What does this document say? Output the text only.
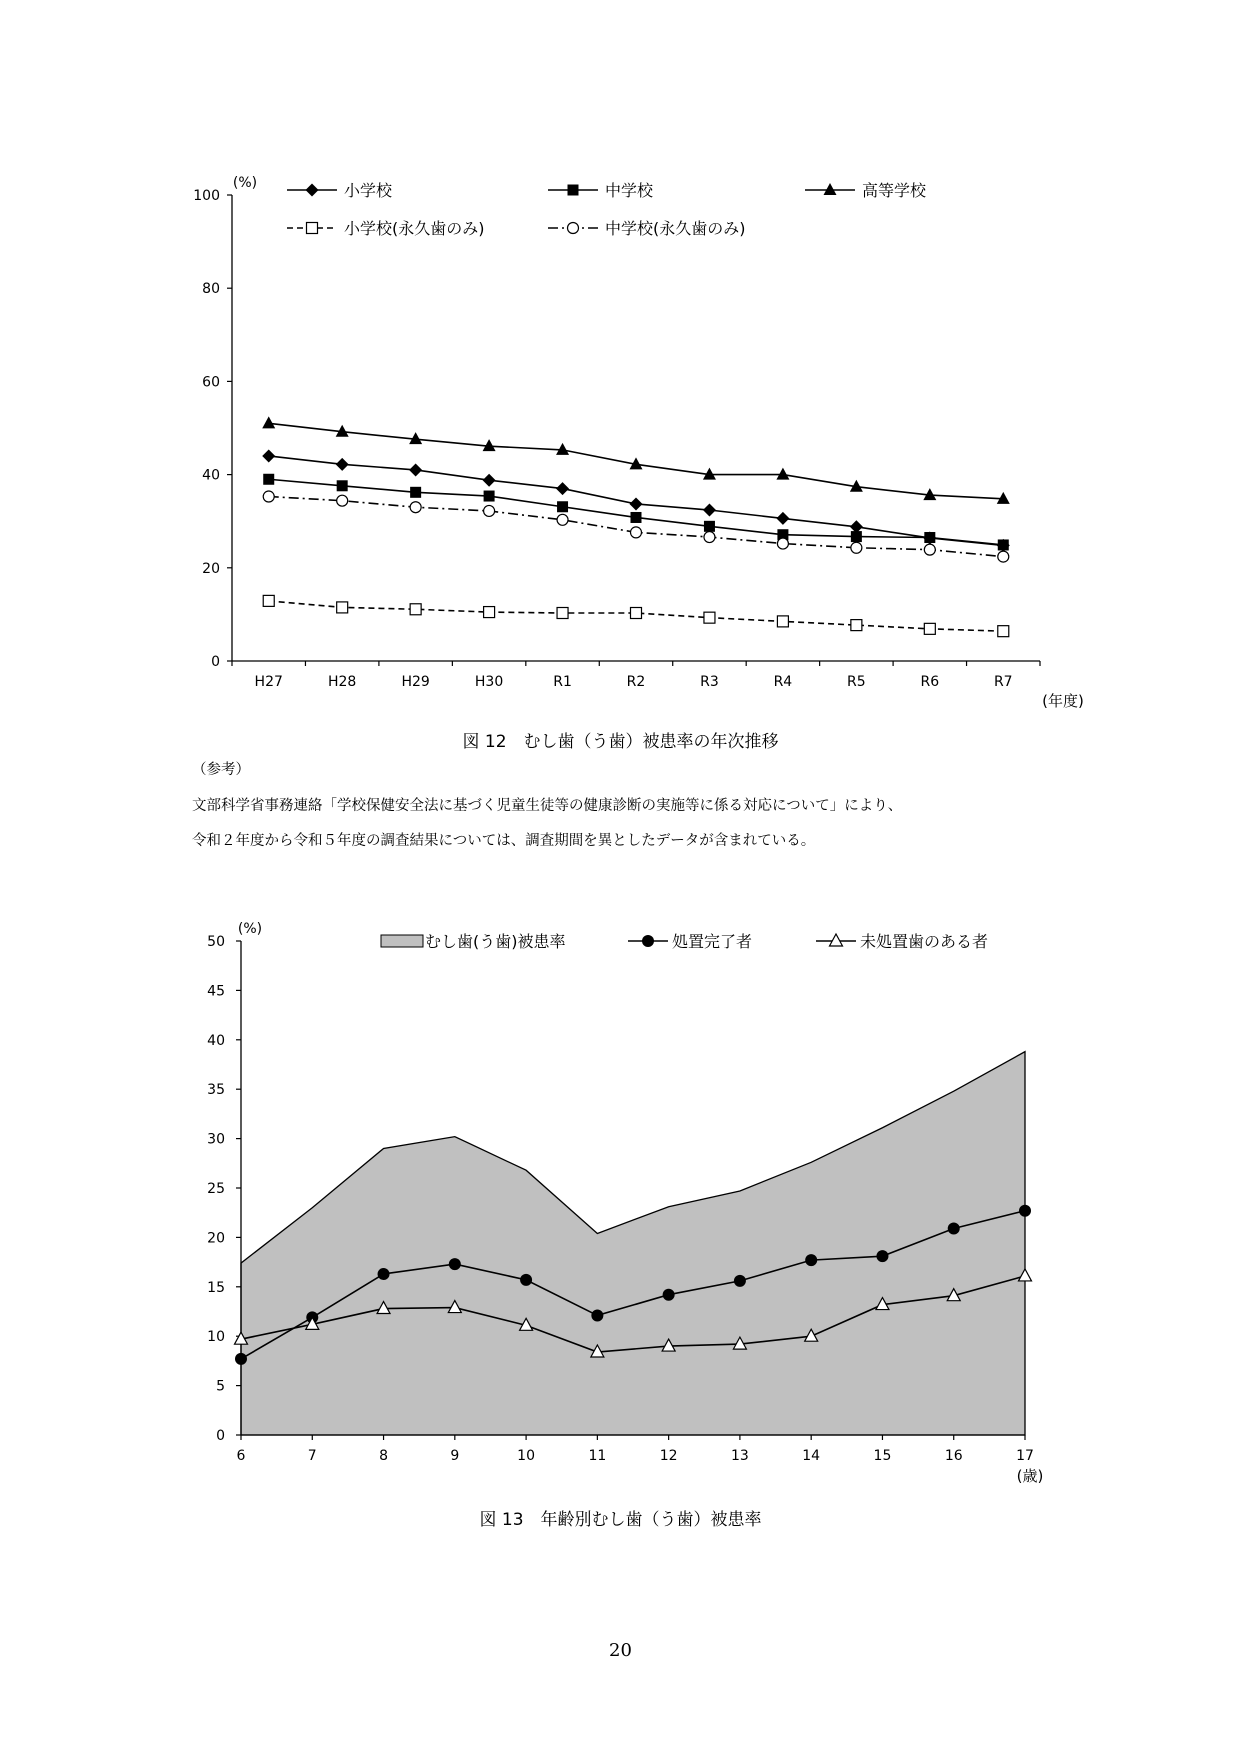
0
20
40
60
80
100
H27	H28	H29	H30	R1	R2	R3	R4	R5	R6	R7
(%)
(年度)
小学校	中学校	高等学校
小学校(永久歯のみ)	中学校(永久歯のみ)
図 12　むし歯（う歯）被患率の年次推移
（参考）
文部科学省事務連絡「学校保健安全法に基づく児童生徒等の健康診断の実施等に係る対応について」により、
令和２年度から令和５年度の調査結果については、調査期間を異としたデータが含まれている。
0
5
10
15
20
25
30
35
40
45
50
6	7	8	9	10	11	12	13	14	15	16	17
(%)
(歳)
むし歯(う歯)被患率	処置完了者	未処置歯のある者
図 13　年齢別むし歯（う歯）被患率
20
